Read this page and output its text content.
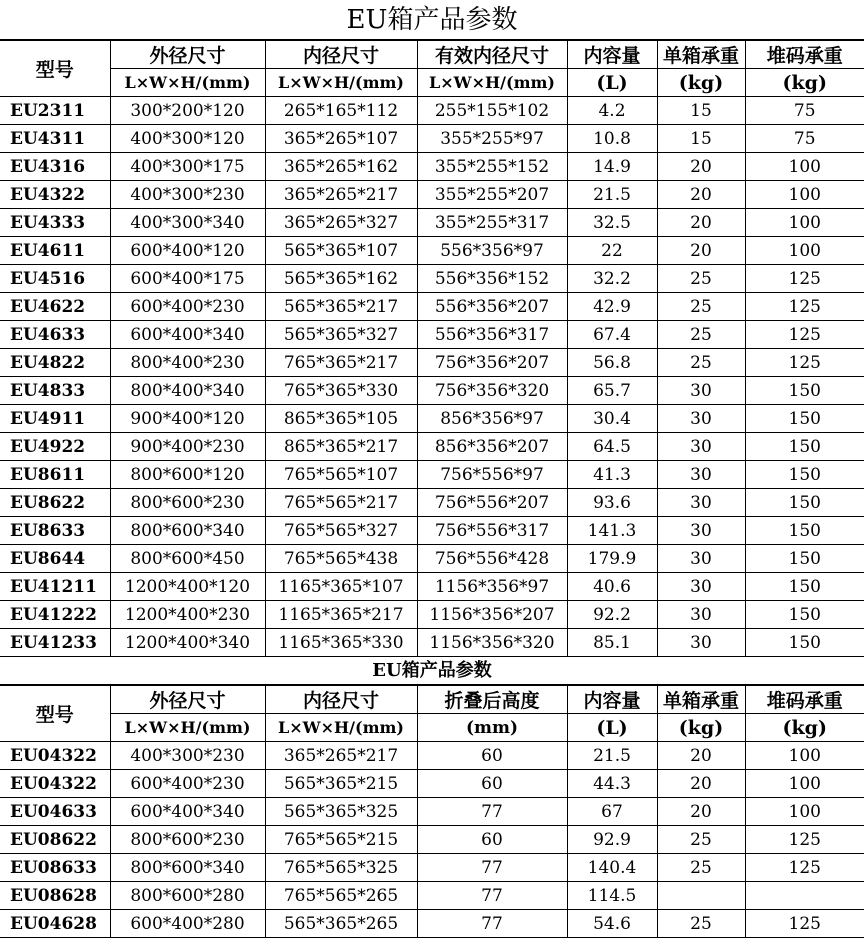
EU箱产品参数
型号	外径尺寸	内径尺寸	有效内径尺寸	内容量	单箱承重	堆码承重
	L×W×H/(mm)	L×W×H/(mm)	L×W×H/(mm)	(L)	(kg)	(kg)
EU2311	300*200*120	265*165*112	255*155*102	4.2	15	75
EU4311	400*300*120	365*265*107	355*255*97	10.8	15	75
EU4316	400*300*175	365*265*162	355*255*152	14.9	20	100
EU4322	400*300*230	365*265*217	355*255*207	21.5	20	100
EU4333	400*300*340	365*265*327	355*255*317	32.5	20	100
EU4611	600*400*120	565*365*107	556*356*97	22	20	100
EU4516	600*400*175	565*365*162	556*356*152	32.2	25	125
EU4622	600*400*230	565*365*217	556*356*207	42.9	25	125
EU4633	600*400*340	565*365*327	556*356*317	67.4	25	125
EU4822	800*400*230	765*365*217	756*356*207	56.8	25	125
EU4833	800*400*340	765*365*330	756*356*320	65.7	30	150
EU4911	900*400*120	865*365*105	856*356*97	30.4	30	150
EU4922	900*400*230	865*365*217	856*356*207	64.5	30	150
EU8611	800*600*120	765*565*107	756*556*97	41.3	30	150
EU8622	800*600*230	765*565*217	756*556*207	93.6	30	150
EU8633	800*600*340	765*565*327	756*556*317	141.3	30	150
EU8644	800*600*450	765*565*438	756*556*428	179.9	30	150
EU41211	1200*400*120	1165*365*107	1156*356*97	40.6	30	150
EU41222	1200*400*230	1165*365*217	1156*356*207	92.2	30	150
EU41233	1200*400*340	1165*365*330	1156*356*320	85.1	30	150
EU箱产品参数
型号	外径尺寸	内径尺寸	折叠后高度	内容量	单箱承重	堆码承重
	L×W×H/(mm)	L×W×H/(mm)	(mm)	(L)	(kg)	(kg)
EU04322	400*300*230	365*265*217	60	21.5	20	100
EU04322	600*400*230	565*365*215	60	44.3	20	100
EU04633	600*400*340	565*365*325	77	67	20	100
EU08622	800*600*230	765*565*215	60	92.9	25	125
EU08633	800*600*340	765*565*325	77	140.4	25	125
EU08628	800*600*280	765*565*265	77	114.5		
EU04628	600*400*280	565*365*265	77	54.6	25	125
